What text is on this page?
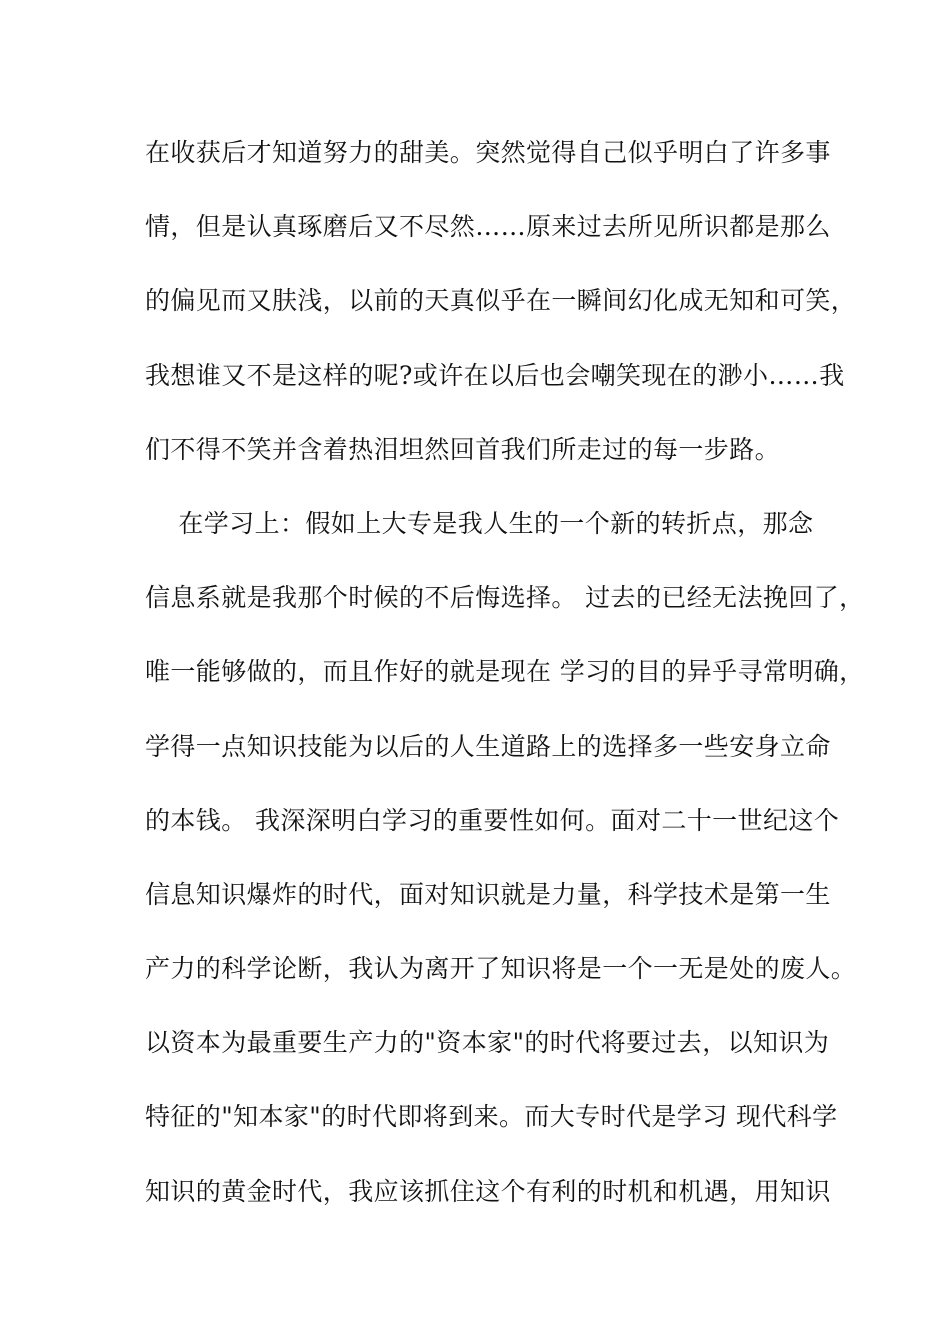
在收获后才知道努力的甜美。突然觉得自己似乎明白了许多事
情，但是认真琢磨后又不尽然……原来过去所见所识都是那么
的偏见而又肤浅，以前的天真似乎在一瞬间幻化成无知和可笑，
我想谁又不是这样的呢?或许在以后也会嘲笑现在的渺小……我
们不得不笑并含着热泪坦然回首我们所走过的每一步路。
在学习上：假如上大专是我人生的一个新的转折点，那念
信息系就是我那个时候的不后悔选择。 过去的已经无法挽回了，
唯一能够做的，而且作好的就是现在 学习的目的异乎寻常明确，
学得一点知识技能为以后的人生道路上的选择多一些安身立命
的本钱。 我深深明白学习的重要性如何。面对二十一世纪这个
信息知识爆炸的时代，面对知识就是力量，科学技术是第一生
产力的科学论断，我认为离开了知识将是一个一无是处的废人。
以资本为最重要生产力的"资本家"的时代将要过去，以知识为
特征的"知本家"的时代即将到来。而大专时代是学习 现代科学
知识的黄金时代，我应该抓住这个有利的时机和机遇，用知识
